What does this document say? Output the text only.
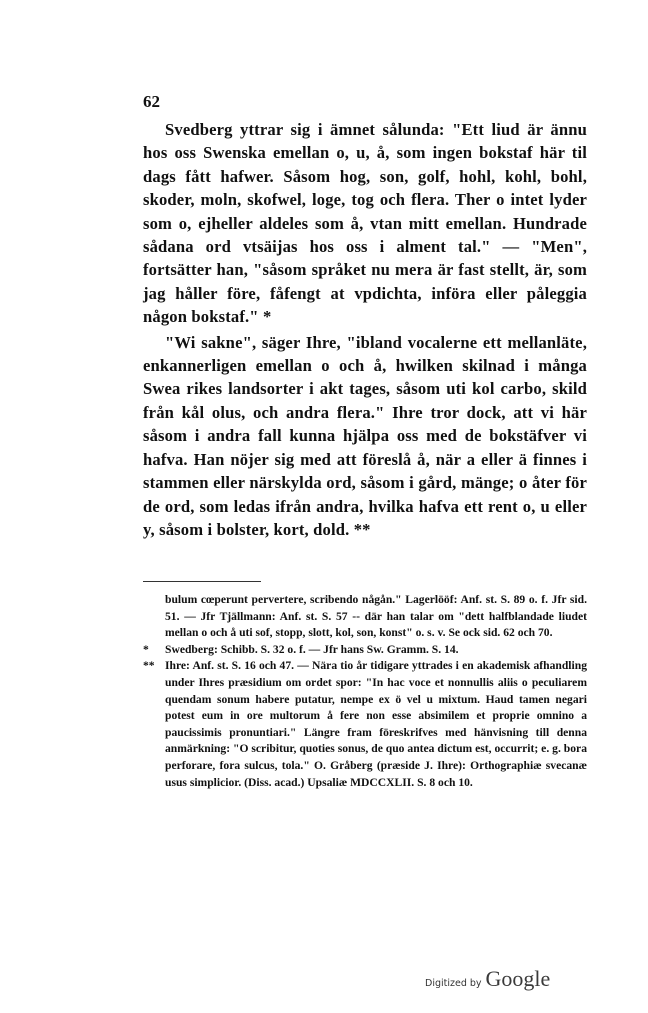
62

Svedberg yttrar sig i ämnet sålunda: "Ett liud är ännu hos oss Swenska emellan o, u, å, som ingen bokstaf här til dags fått hafwer. Såsom hog, son, golf, hohl, kohl, bohl, skoder, moln, skofwel, loge, tog och flera. Ther o intet lyder som o, ejheller aldeles som å, vtan mitt emellan. Hundrade sådana ord vtsäijas hos oss i alment tal." — "Men", fortsätter han, "såsom språket nu mera är fast stellt, är, som jag håller före, fåfengt at vpdichta, införa eller påleggia någon bokstaf." *

"Wi sakne", säger Ihre, "ibland vocalerne ett mellanläte, enkannerligen emellan o och å, hwilken skilnad i många Swea rikes landsorter i akt tages, såsom uti kol carbo, skild från kål olus, och andra flera." Ihre tror dock, att vi här såsom i andra fall kunna hjälpa oss med de bokstäfver vi hafva. Han nöjer sig med att föreslå å, när a eller ä finnes i stammen eller närskylda ord, såsom i gård, mänge; o åter för de ord, som ledas ifrån andra, hvilka hafva ett rent o, u eller y, såsom i bolster, kort, dold. **

bulum cœperunt pervertere, scribendo någån." Lagerlööf: Anf. st. S. 89 o. f. Jfr sid. 51. — Jfr Tjällmann: Anf. st. S. 57 -- där han talar om "dett halfblandade liudet mellan o och å uti sof, stopp, slott, kol, son, konst" o. s. v. Se ock sid. 62 och 70.

* Swedberg: Schibb. S. 32 o. f. — Jfr hans Sw. Gramm. S. 14.

** Ihre: Anf. st. S. 16 och 47. — Nära tio år tidigare yttrades i en akademisk afhandling under Ihres præsidium om ordet spor: "In hac voce et nonnullis aliis o peculiarem quendam sonum habere putatur, nempe ex ö vel u mixtum. Haud tamen negari potest eum in ore multorum å fere non esse absimilem et proprie omnino a paucissimis pronuntiari." Längre fram föreskrifves med hänvisning till denna anmärkning: "O scribitur, quoties sonus, de quo antea dictum est, occurrit; e. g. bora perforare, fora sulcus, tola." O. Gråberg (præside J. Ihre): Orthographiæ svecanæ usus simplicior. (Diss. acad.) Upsaliæ MDCCXLII. S. 8 och 10.

Digitized by Google
